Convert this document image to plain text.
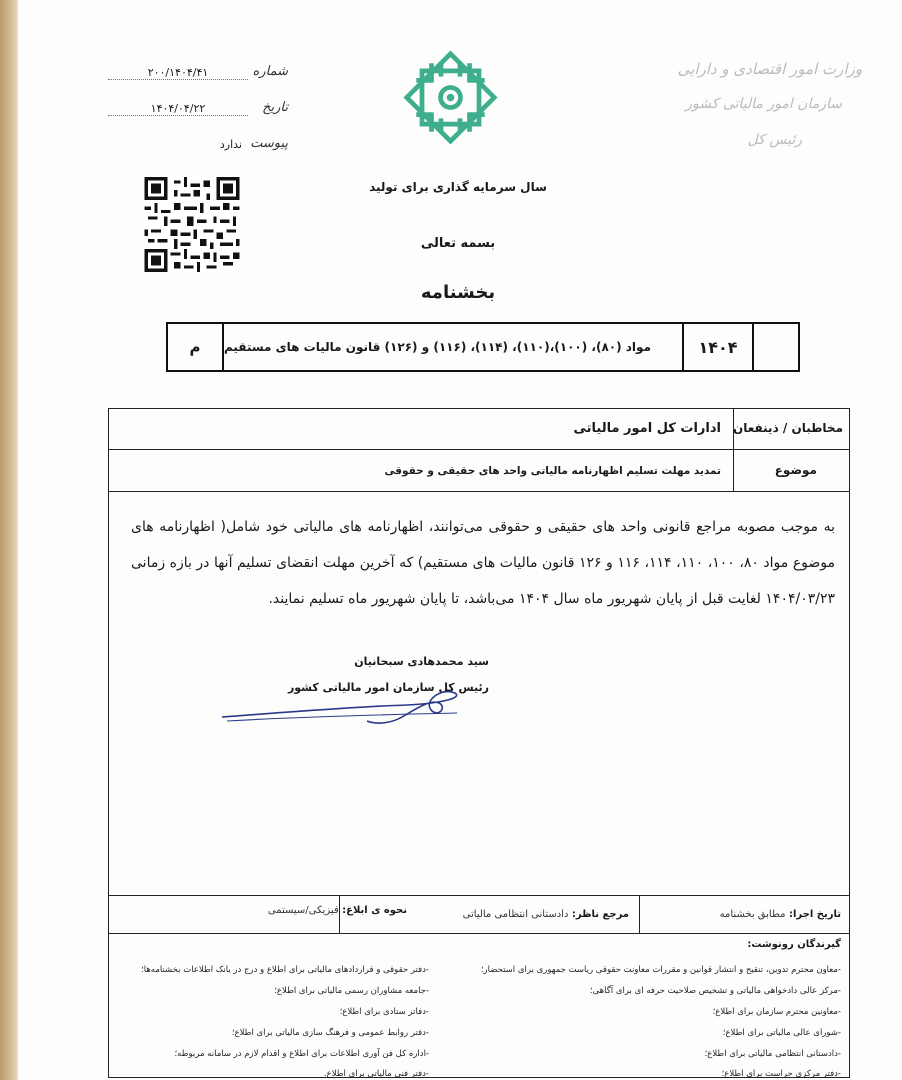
شماره
۲۰۰/۱۴۰۴/۴۱
تاریخ
۱۴۰۴/۰۴/۲۲
پیوست
ندارد
وزارت امور اقتصادی و دارایی
سازمان امور مالیاتی کشور
رئیس کل
سال سرمایه گذاری برای تولید
بسمه تعالی
بخشنامه
م	مواد (۸۰)، (۱۰۰)،(۱۱۰)، (۱۱۴)، (۱۱۶) و (۱۲۶) قانون مالیات های مستقیم	۱۴۰۴
مخاطبان / ذینفعان
ادارات کل امور مالیاتی
موضوع
تمدید مهلت تسلیم اظهارنامه مالیاتی واحد های حقیقی و حقوقی
به موجب مصوبه مراجع قانونی واحد های حقیقی و حقوقی می‌توانند، اظهارنامه های مالیاتی خود شامل( اظهارنامه های موضوع مواد ۸۰، ۱۰۰، ۱۱۰، ۱۱۴، ۱۱۶ و ۱۲۶ قانون مالیات های مستقیم) که آخرین مهلت انقضای تسلیم آنها در بازه زمانی ۱۴۰۴/۰۳/۲۳ لغایت قبل از پایان شهریور ماه سال ۱۴۰۴ می‌باشد، تا پایان شهریور ماه تسلیم نمایند.
سید محمدهادی سبحانیان
رئیس کل سازمان امور مالیاتی کشور
تاریخ اجرا: مطابق بخشنامه
مرجع ناظر: دادستانی انتظامی مالیاتی
نحوه ی ابلاغ: فیزیکی/سیستمی
گیرندگان رونوشت:
-معاون محترم تدوین، تنقیح و انتشار قوانین و مقررات معاونت حقوقی ریاست جمهوری برای استحضار؛
-مرکز عالی دادخواهی مالیاتی و تشخیص صلاحیت حرفه ای برای آگاهی؛
-معاونین محترم سازمان برای اطلاع؛
-شورای عالی مالیاتی برای اطلاع؛
-دادستانی انتظامی مالیاتی برای اطلاع؛
-دفتر مرکزی حراست برای اطلاع؛
-دفتر حقوقی و قراردادهای مالیاتی برای اطلاع و درج در بانک اطلاعات بخشنامه‌ها؛
-جامعه مشاوران رسمی مالیاتی برای اطلاع؛
-دفاتر ستادی برای اطلاع؛
-دفتر روابط عمومی و فرهنگ سازی مالیاتی برای اطلاع؛
-اداره کل فن آوری اطلاعات برای اطلاع و اقدام لازم در سامانه مربوطه؛
-دفتر فنی مالیاتی برای اطلاع.
